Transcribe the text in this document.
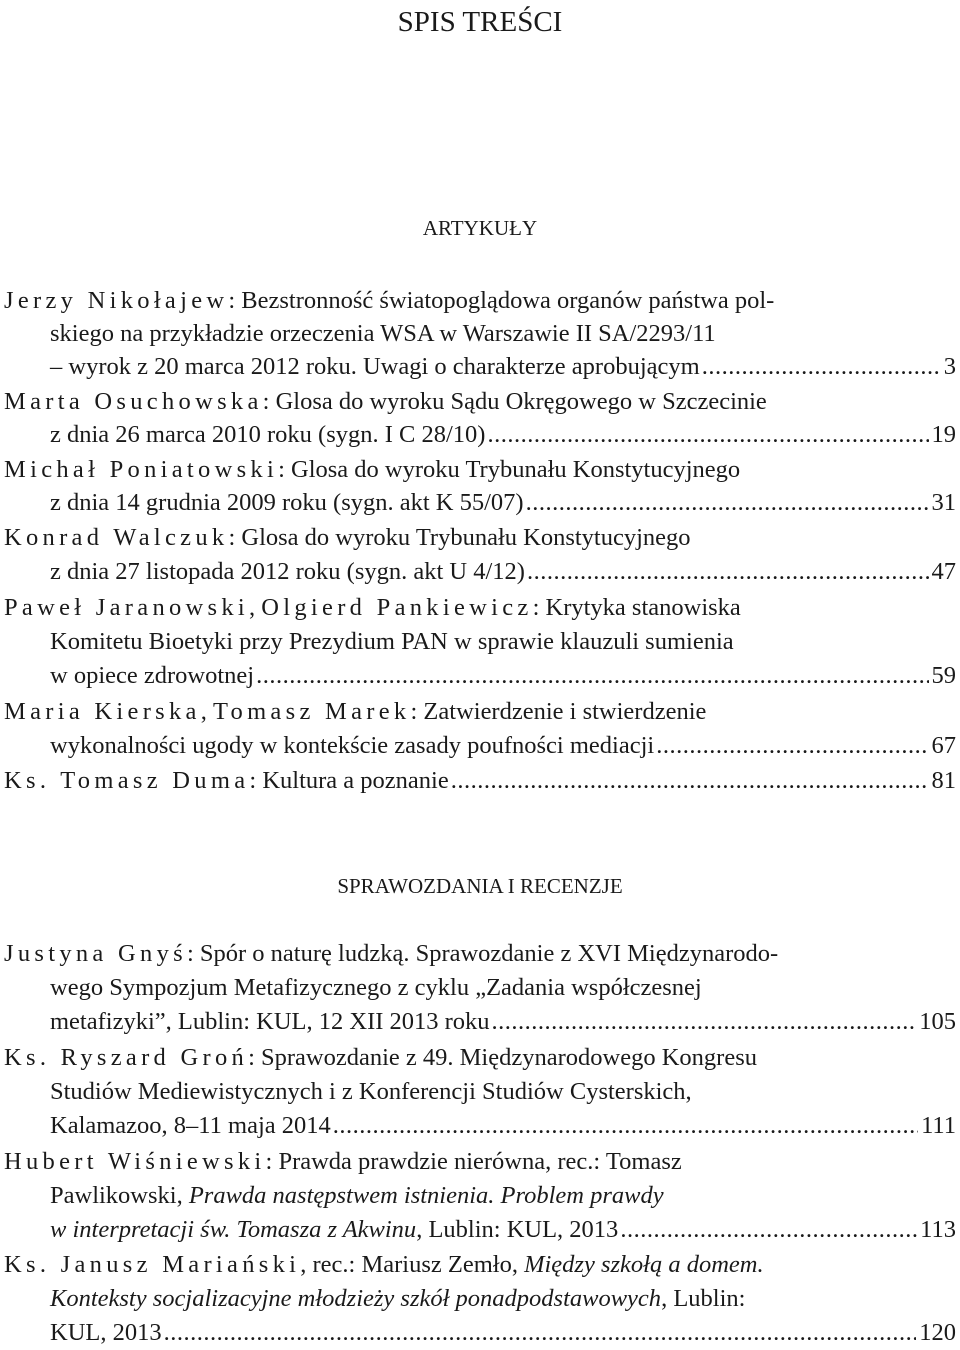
SPIS TREŚCI
ARTYKUŁY
Jerzy Nikołajew : Bezstronność światopoglądowa organów państwa pol-
skiego na przykładzie orzeczenia WSA w Warszawie II SA/2293/11
– wyrok z 20 marca 2012 roku. Uwagi o charakterze aprobującym .....	3
Marta Osuchowska : Glosa do wyroku Sądu Okręgowego w Szczecinie
z dnia 26 marca 2010 roku (sygn. I C 28/10) .....	19
Michał Poniatowski : Glosa do wyroku Trybunału Konstytucyjnego
z dnia 14 grudnia 2009 roku (sygn. akt K 55/07) .....	31
Konrad Walczuk : Glosa do wyroku Trybunału Konstytucyjnego
z dnia 27 listopada 2012 roku (sygn. akt U 4/12) .....	47
Paweł Jaranowski , Olgierd Pankiewicz : Krytyka stanowiska
Komitetu Bioetyki przy Prezydium PAN w sprawie klauzuli sumienia
w opiece zdrowotnej .....	59
Maria Kierska , Tomasz Marek : Zatwierdzenie i stwierdzenie
wykonalności ugody w kontekście zasady poufności mediacji .....	67
Ks. Tomasz Duma : Kultura a poznanie .....	81
SPRAWOZDANIA I RECENZJE
Justyna Gnyś : Spór o naturę ludzką. Sprawozdanie z XVI Międzynarodo-
wego Sympozjum Metafizycznego z cyklu „Zadania współczesnej
metafizyki”, Lublin: KUL, 12 XII 2013 roku .....	105
Ks. Ryszard Groń : Sprawozdanie z 49. Międzynarodowego Kongresu
Studiów Mediewistycznych i z Konferencji Studiów Cysterskich,
Kalamazoo, 8–11 maja 2014 .....	111
Hubert Wiśniewski : Prawda prawdzie nierówna, rec.: Tomasz
Pawlikowski, Prawda następstwem istnienia. Problem prawdy
w interpretacji św. Tomasza z Akwinu , Lublin: KUL, 2013 .....	113
Ks. Janusz Mariański , rec.: Mariusz Zemło, Między szkołą a domem.
Konteksty socjalizacyjne młodzieży szkół ponadpodstawowych , Lublin:
KUL, 2013 .....	120
